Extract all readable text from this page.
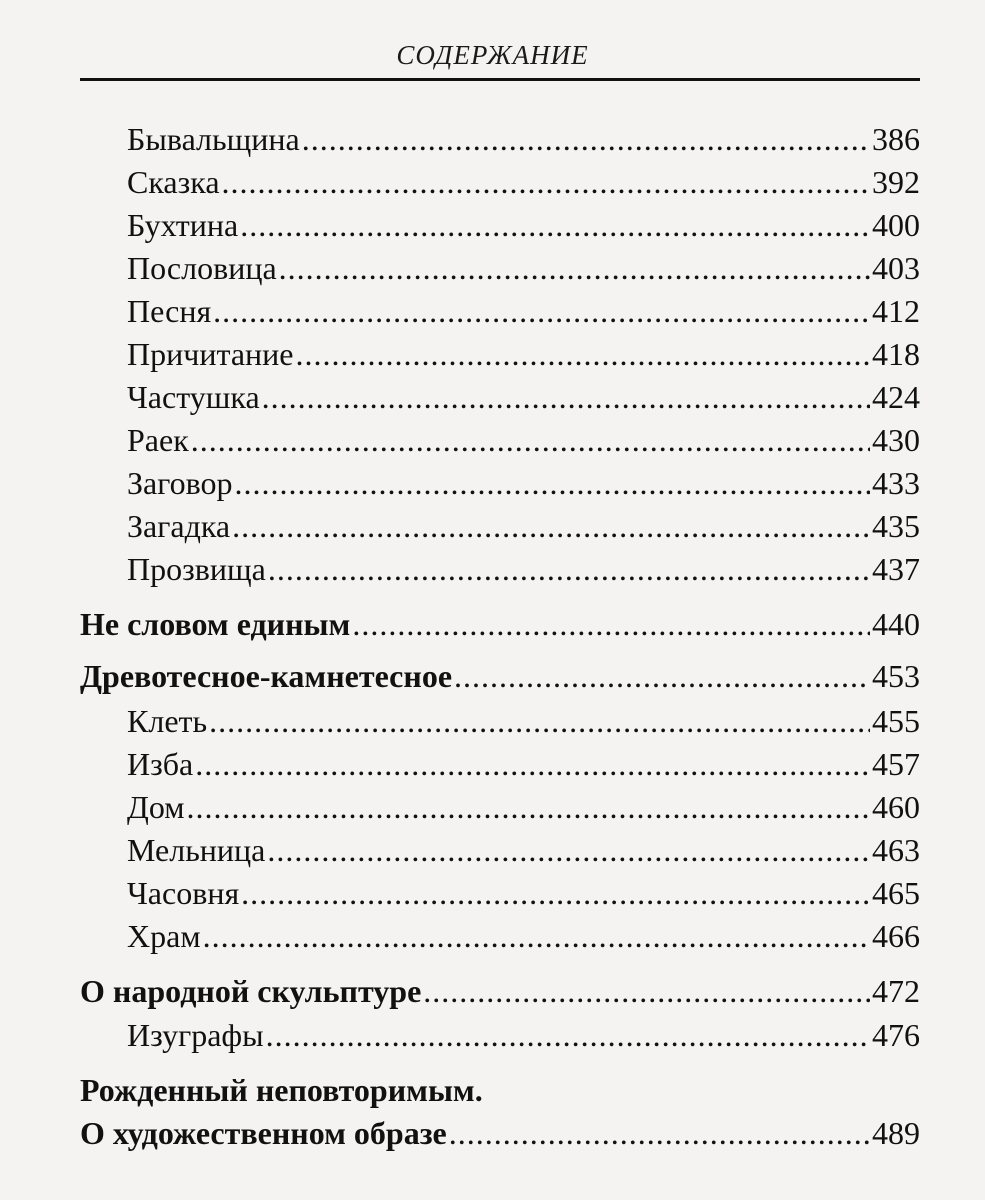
СОДЕРЖАНИЕ
Бывальщина .....	386
Сказка .....	392
Бухтина .....	400
Пословица .....	403
Песня .....	412
Причитание .....	418
Частушка .....	424
Раек .....	430
Заговор .....	433
Загадка .....	435
Прозвища .....	437
Не словом единым .....	440
Древотесное-камнетесное .....	453
Клеть .....	455
Изба .....	457
Дом .....	460
Мельница .....	463
Часовня .....	465
Храм .....	466
О народной скульптуре .....	472
Изуграфы .....	476
Рожденный неповторимым.
О художественном образе .....	489
